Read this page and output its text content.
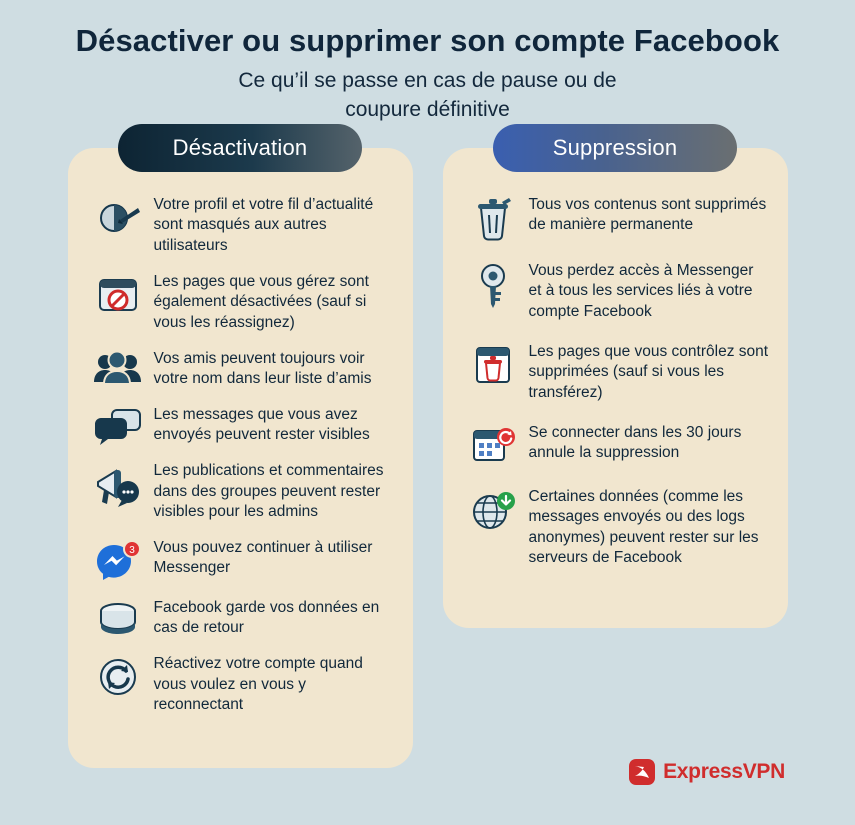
Désactiver ou supprimer son compte Facebook
Ce qu’il se passe en cas de pause ou de
coupure définitive
Désactivation
Votre profil et votre fil d’actualité sont masqués aux autres utilisateurs
Les pages que vous gérez sont également désactivées (sauf si vous les réassignez)
Vos amis peuvent toujours voir votre nom dans leur liste d’amis
Les messages que vous avez envoyés peuvent rester visibles
Les publications et commentaires dans des groupes peuvent rester visibles pour les admins
3 Vous pouvez continuer à utiliser Messenger
Facebook garde vos données en cas de retour
Réactivez votre compte quand vous voulez en vous y reconnectant
Suppression
Tous vos contenus sont supprimés de manière permanente
Vous perdez accès à Messenger et à tous les services liés à votre compte Facebook
Les pages que vous contrôlez sont supprimées (sauf si vous les transférez)
Se connecter dans les 30 jours annule la suppression
Certaines données (comme les messages envoyés ou des logs anonymes) peuvent rester sur les serveurs de Facebook
ExpressVPN
